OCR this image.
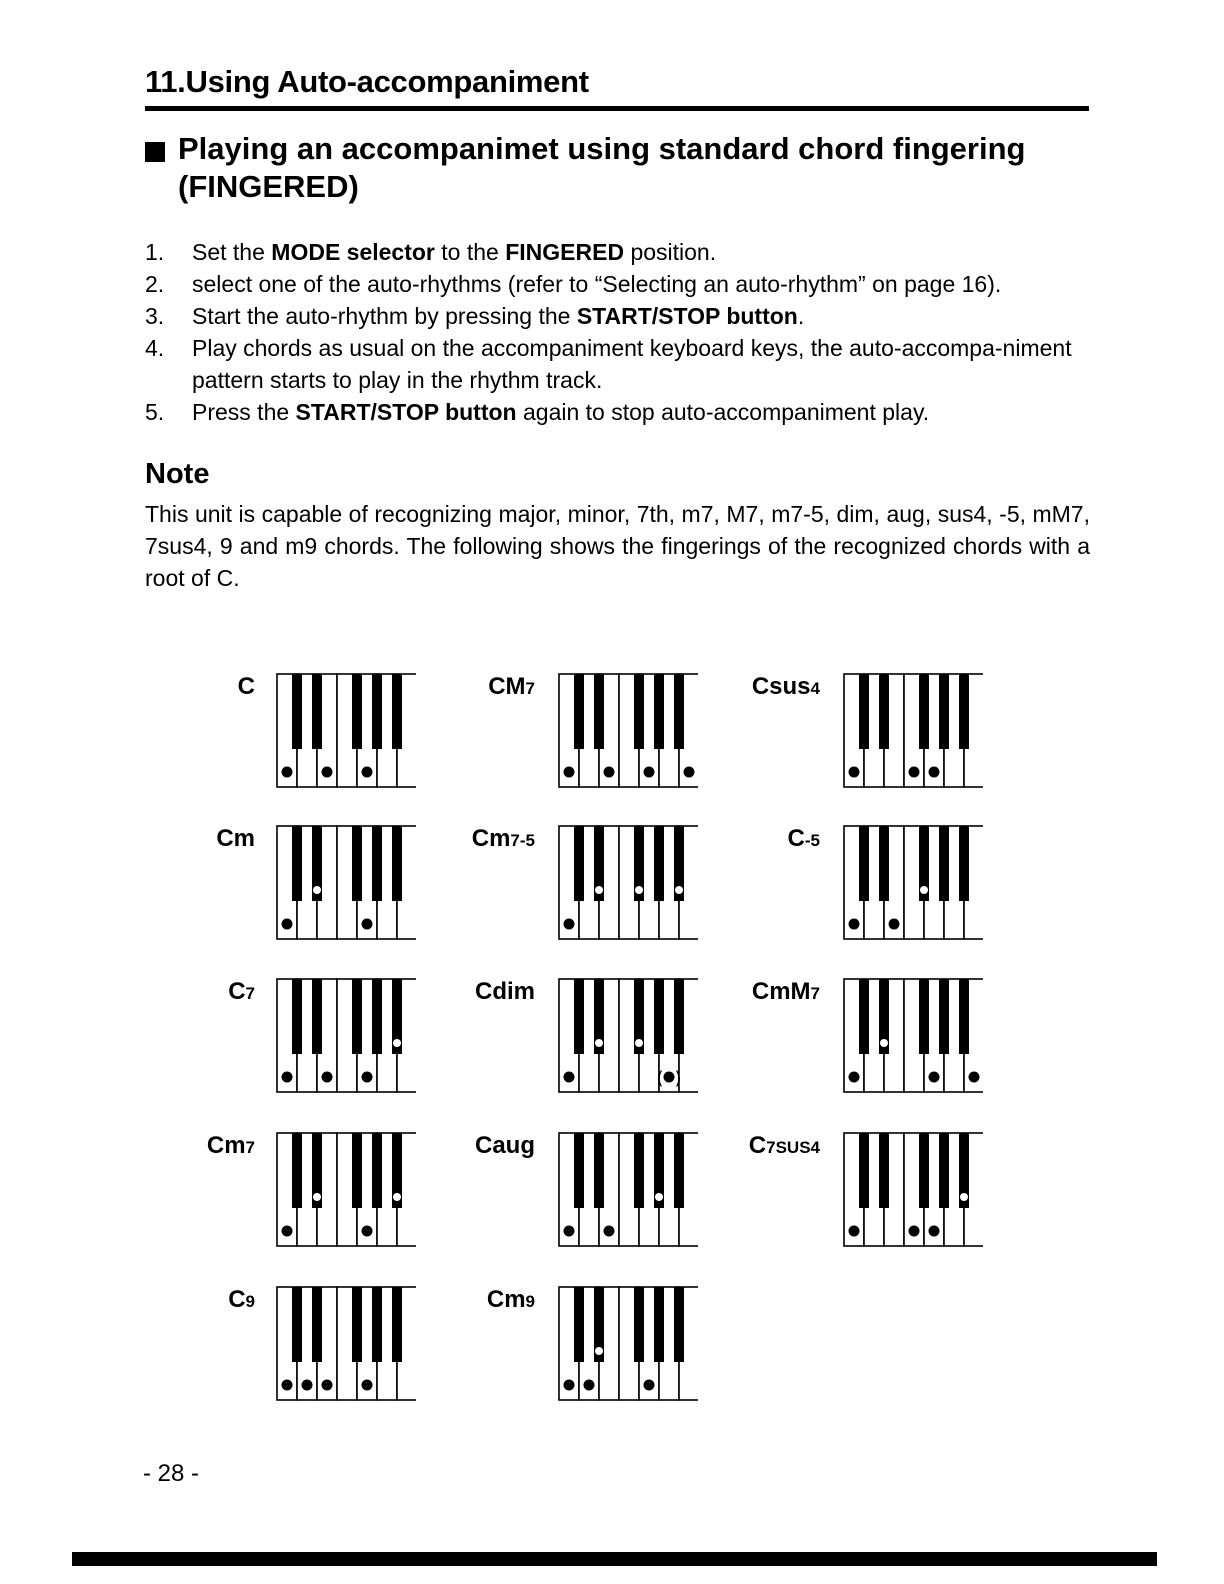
11.Using Auto-accompaniment
Playing an accompanimet using standard chord fingering (FINGERED)
1. Set the MODE selector to the FINGERED position.
2. select one of the auto-rhythms (refer to “Selecting an auto-rhythm” on page 16).
3. Start the auto-rhythm by pressing the START/STOP button.
4. Play chords as usual on the accompaniment keyboard keys, the auto-accompa-niment pattern starts to play in the rhythm track.
5. Press the START/STOP button again to stop auto-accompaniment play.
Note

This unit is capable of recognizing major, minor, 7th, m7, M7, m7-5, dim, aug, sus4, -5, mM7, 7sus4, 9 and m9 chords. The following shows the fingerings of the recognized chords with a root of C.

C	CM7	Csus4
Cm	Cm7-5	C-5
C7	Cdim
( )
CmM7
Cm7	Caug	C7SUS4
C9	Cm9
- 28 -
